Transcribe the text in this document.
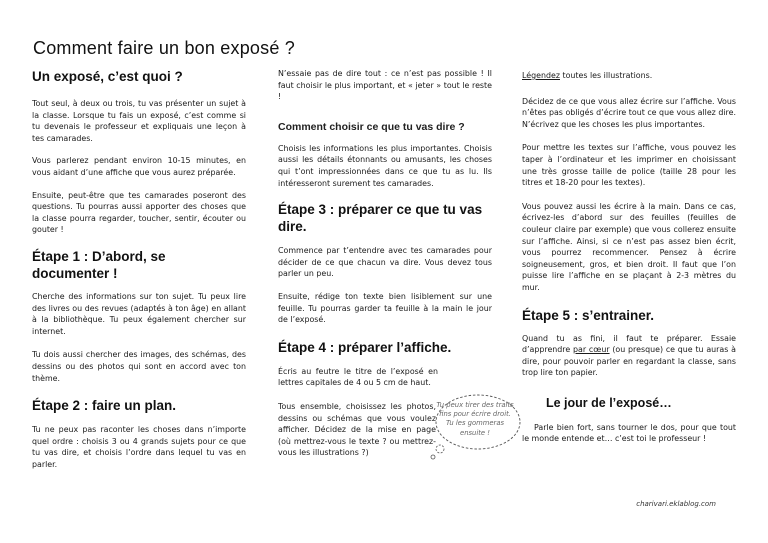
Comment faire un bon exposé ?
Un exposé, c’est quoi ?

Tout seul, à deux ou trois, tu vas présenter un sujet à la classe. Lorsque tu fais un exposé, c’est comme si tu devenais le professeur et expliquais une leçon à tes camarades.

Vous parlerez pendant environ 10-15 minutes, en vous aidant d’une affiche que vous aurez préparée.

Ensuite, peut-être que tes camarades poseront des questions. Tu pourras aussi apporter des choses que la classe pourra regarder, toucher, sentir, écouter ou gouter !

Étape 1 : D’abord, se documenter !

Cherche des informations sur ton sujet. Tu peux lire des livres ou des revues (adaptés à ton âge) en allant à la bibliothèque. Tu peux également chercher sur internet.

Tu dois aussi chercher des images, des schémas, des dessins ou des photos qui sont en accord avec ton thème.

Étape 2 : faire un plan.

Tu ne peux pas raconter les choses dans n’importe quel ordre : choisis 3 ou 4 grands sujets pour ce que tu vas dire, et choisis l’ordre dans lequel tu vas en parler.

N’essaie pas de dire tout : ce n’est pas possible ! Il faut choisir le plus important, et « jeter » tout le reste !

Comment choisir ce que tu vas dire ?

Choisis les informations les plus importantes. Choisis aussi les détails étonnants ou amusants, les choses qui t’ont impressionnées dans ce que tu as lu. Ils intéresseront surement tes camarades.

Étape 3 : préparer ce que tu vas dire.

Commence par t’entendre avec tes camarades pour décider de ce que chacun va dire. Vous devez tous parler un peu.

Ensuite, rédige ton texte bien lisiblement sur une feuille. Tu pourras garder ta feuille à la main le jour de l’exposé.

Étape 4 : préparer l’affiche.

Écris au feutre le titre de l’exposé en lettres capitales de 4 ou 5 cm de haut.

Tous ensemble, choisissez les photos, dessins ou schémas que vous voulez afficher. Décidez de la mise en page (où mettrez-vous le texte ? ou mettrez-vous les illustrations ?)

Tu peux tirer des traits fins pour écrire droit. Tu les gommeras ensuite !

Légendez toutes les illustrations.

Décidez de ce que vous allez écrire sur l’affiche. Vous n’êtes pas obligés d’écrire tout ce que vous allez dire. N’écrivez que les choses les plus importantes.

Pour mettre les textes sur l’affiche, vous pouvez les taper à l’ordinateur et les imprimer en choisissant une très grosse taille de police (taille 28 pour les titres et 18-20 pour les textes).

Vous pouvez aussi les écrire à la main. Dans ce cas, écrivez-les d’abord sur des feuilles (feuilles de couleur claire par exemple) que vous collerez ensuite sur l’affiche. Ainsi, si ce n’est pas assez bien écrit, vous pourrez recommencer. Pensez à écrire soigneusement, gros, et bien droit. Il faut que l’on puisse lire l’affiche en se plaçant à 2-3 mètres du mur.

Étape 5 : s’entrainer.

Quand tu as fini, il faut te préparer. Essaie d’apprendre par cœur (ou presque) ce que tu auras à dire, pour pouvoir parler en regardant la classe, sans trop lire ton papier.

Le jour de l’exposé…

Parle bien fort, sans tourner le dos, pour que tout le monde entende et… c’est toi le professeur !

charivari.eklablog.com
